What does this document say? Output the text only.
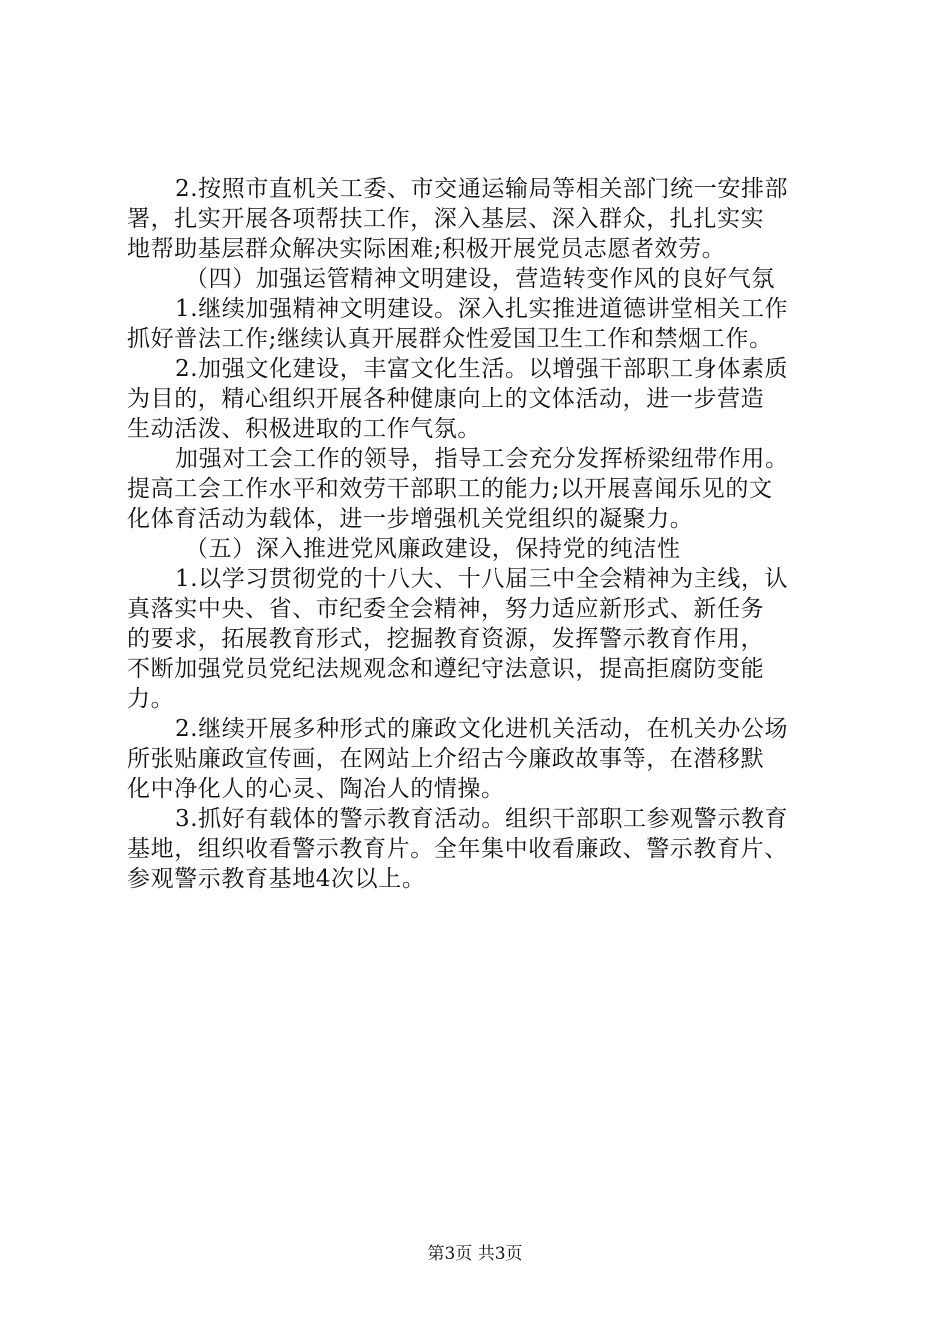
2.按照市直机关工委、市交通运输局等相关部门统一安排部

署，扎实开展各项帮扶工作，深入基层、深入群众，扎扎实实

地帮助基层群众解决实际困难;积极开展党员志愿者效劳。

（四）加强运管精神文明建设，营造转变作风的良好气氛

1.继续加强精神文明建设。深入扎实推进道德讲堂相关工作

抓好普法工作;继续认真开展群众性爱国卫生工作和禁烟工作。

2.加强文化建设，丰富文化生活。以增强干部职工身体素质

为目的，精心组织开展各种健康向上的文体活动，进一步营造

生动活泼、积极进取的工作气氛。

加强对工会工作的领导，指导工会充分发挥桥梁纽带作用。

提高工会工作水平和效劳干部职工的能力;以开展喜闻乐见的文

化体育活动为载体，进一步增强机关党组织的凝聚力。

（五）深入推进党风廉政建设，保持党的纯洁性

1.以学习贯彻党的十八大、十八届三中全会精神为主线，认

真落实中央、省、市纪委全会精神，努力适应新形式、新任务

的要求，拓展教育形式，挖掘教育资源，发挥警示教育作用，

不断加强党员党纪法规观念和遵纪守法意识，提高拒腐防变能

力。

2.继续开展多种形式的廉政文化进机关活动，在机关办公场

所张贴廉政宣传画，在网站上介绍古今廉政故事等，在潜移默

化中净化人的心灵、陶冶人的情操。

3.抓好有载体的警示教育活动。组织干部职工参观警示教育

基地，组织收看警示教育片。全年集中收看廉政、警示教育片、

参观警示教育基地4次以上。

第3页 共3页
